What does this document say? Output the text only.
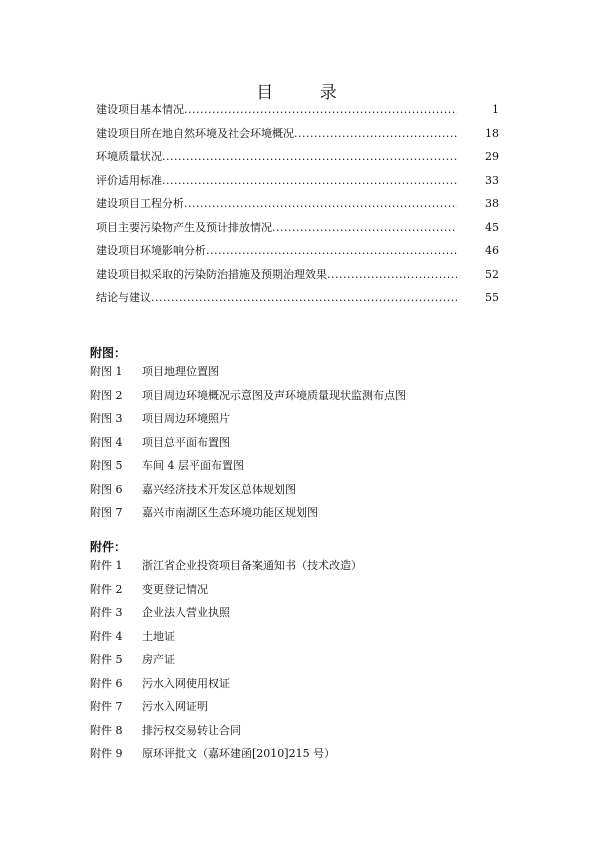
目      录
建设项目基本情况 .....	1
建设项目所在地自然环境及社会环境概况 .....	18
环境质量状况 .....	29
评价适用标准 .....	33
建设项目工程分析 .....	38
项目主要污染物产生及预计排放情况 .....	45
建设项目环境影响分析 .....	46
建设项目拟采取的污染防治措施及预期治理效果 .....	52
结论与建议 .....	55
附图：
附图 1	项目地理位置图
附图 2	项目周边环境概况示意图及声环境质量现状监测布点图
附图 3	项目周边环境照片
附图 4	项目总平面布置图
附图 5	车间 4 层平面布置图
附图 6	嘉兴经济技术开发区总体规划图
附图 7	嘉兴市南湖区生态环境功能区规划图
附件：
附件 1	浙江省企业投资项目备案通知书（技术改造）
附件 2	变更登记情况
附件 3	企业法人营业执照
附件 4	土地证
附件 5	房产证
附件 6	污水入网使用权证
附件 7	污水入网证明
附件 8	排污权交易转让合同
附件 9	原环评批文（嘉环建函[2010]215 号）
